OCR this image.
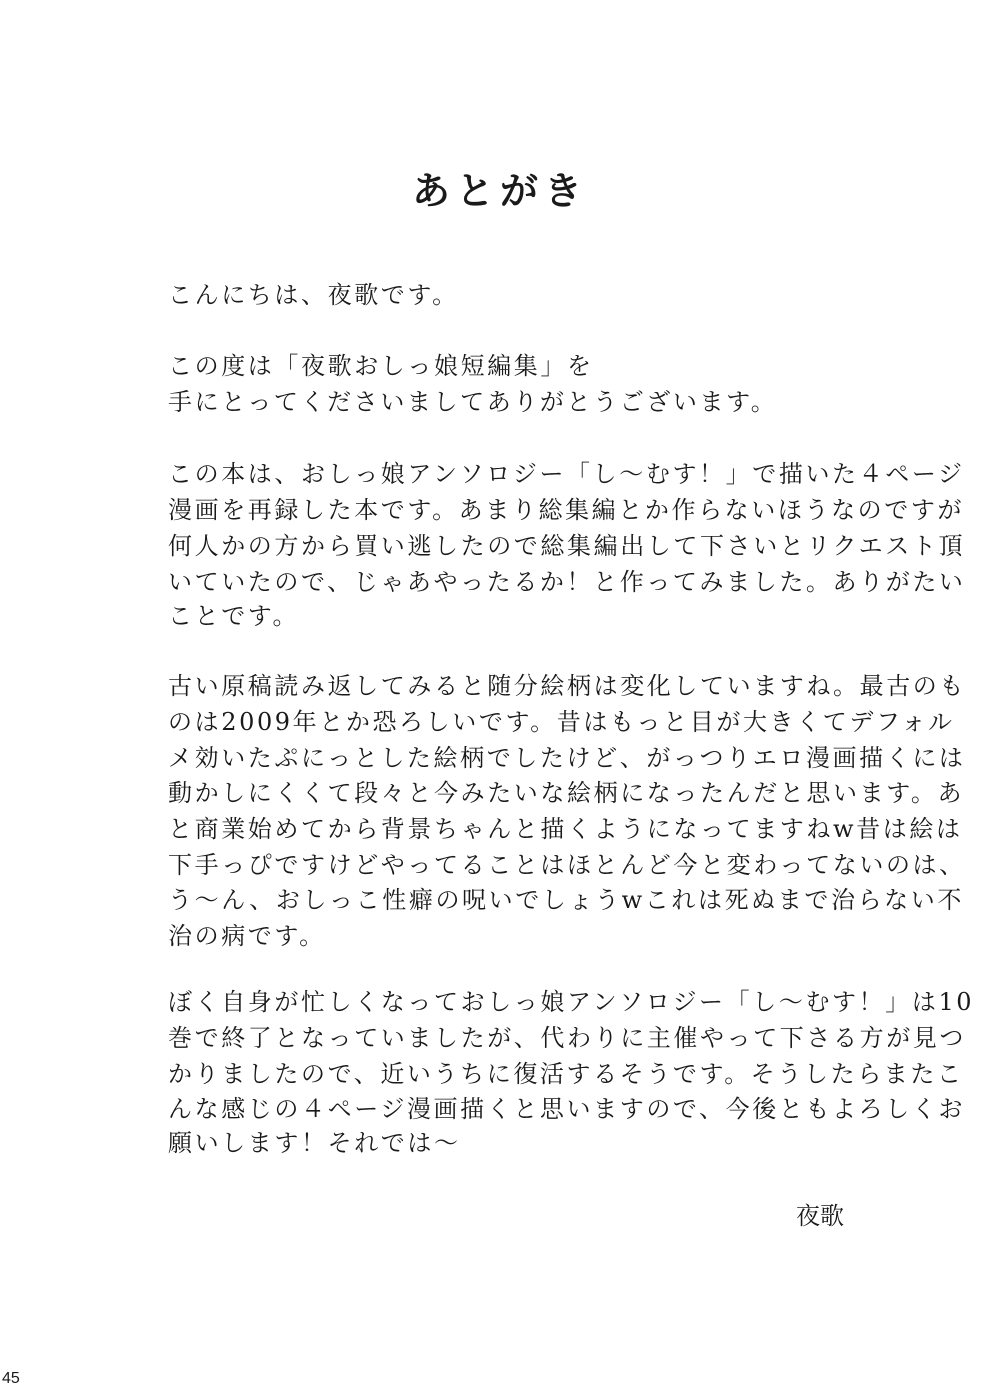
あとがき
こんにちは、夜歌です。
この度は「夜歌おしっ娘短編集」を
手にとってくださいましてありがとうございます。
この本は、おしっ娘アンソロジー「し〜むす！」で描いた４ページ
漫画を再録した本です。あまり総集編とか作らないほうなのですが
何人かの方から買い逃したので総集編出して下さいとリクエスト頂
いていたので、じゃあやったるか！と作ってみました。ありがたい
ことです。
古い原稿読み返してみると随分絵柄は変化していますね。最古のも
のは2009年とか恐ろしいです。昔はもっと目が大きくてデフォル
メ効いたぷにっとした絵柄でしたけど、がっつりエロ漫画描くには
動かしにくくて段々と今みたいな絵柄になったんだと思います。あ
と商業始めてから背景ちゃんと描くようになってますねw昔は絵は
下手っぴですけどやってることはほとんど今と変わってないのは、
う〜ん、おしっこ性癖の呪いでしょうwこれは死ぬまで治らない不
治の病です。
ぼく自身が忙しくなっておしっ娘アンソロジー「し〜むす！」は10
巻で終了となっていましたが、代わりに主催やって下さる方が見つ
かりましたので、近いうちに復活するそうです。そうしたらまたこ
んな感じの４ページ漫画描くと思いますので、今後ともよろしくお
願いします！それでは〜
夜歌
45
